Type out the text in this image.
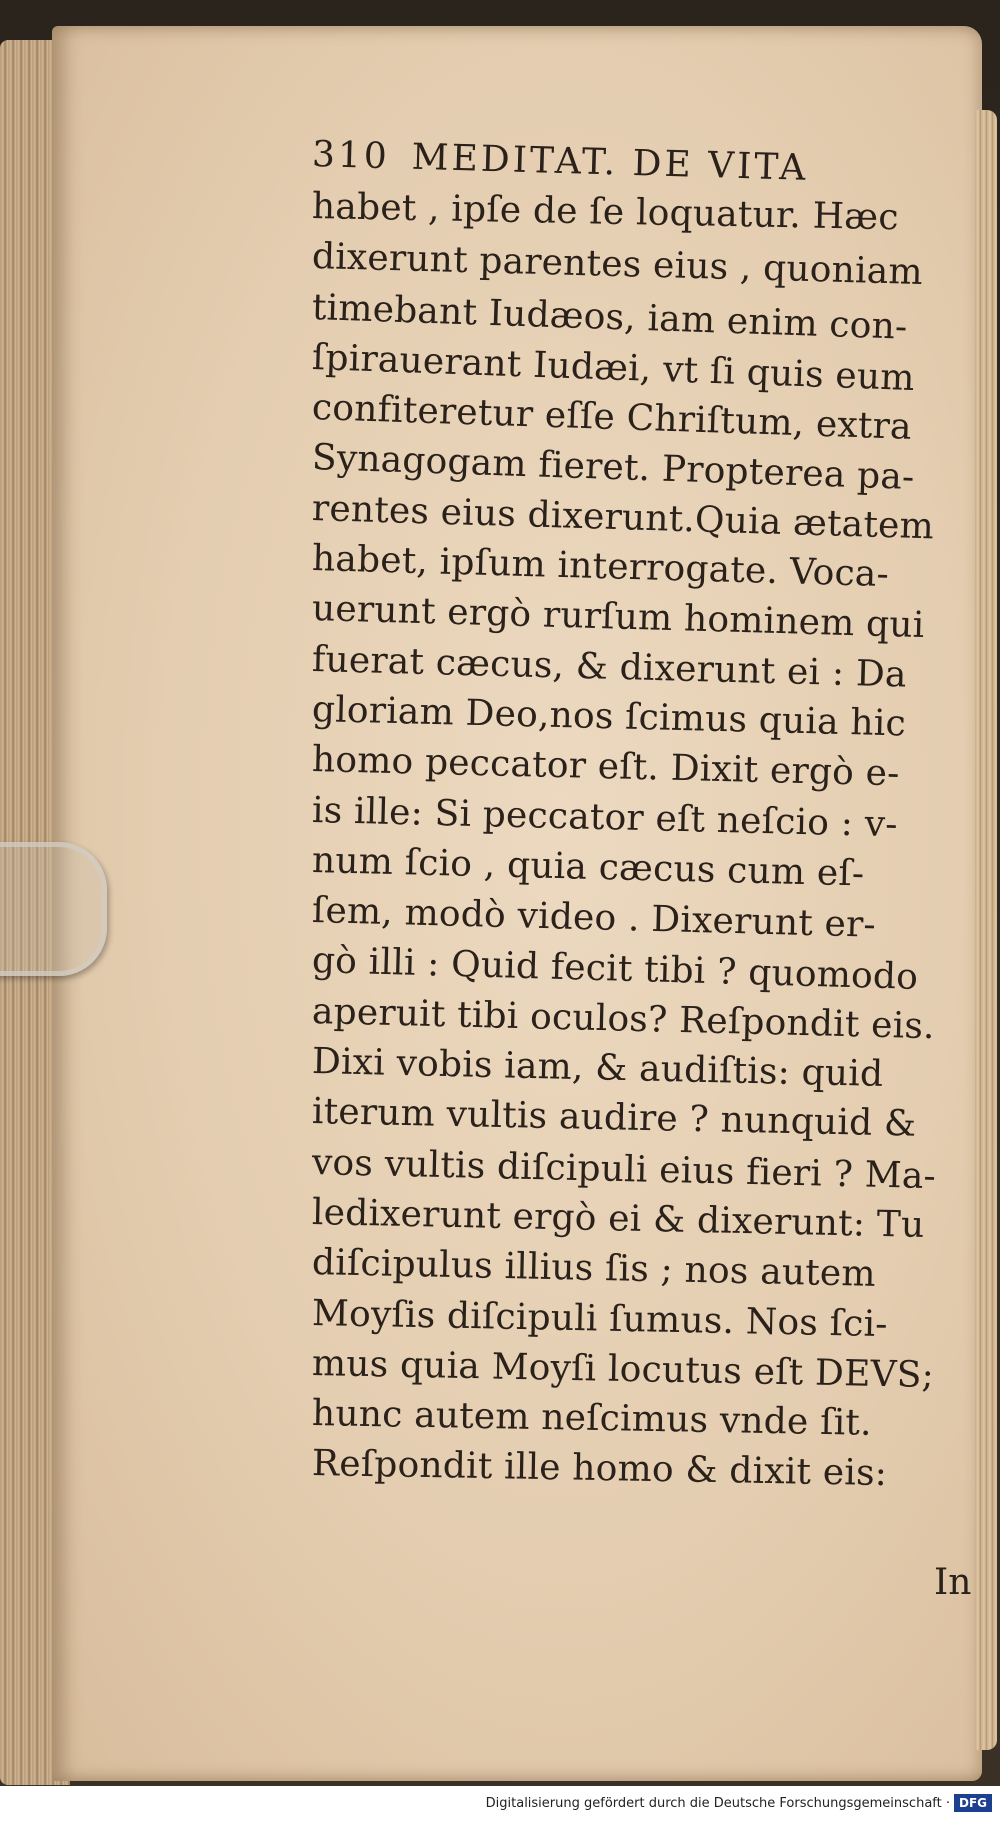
310 MEDITAT. DE VITA
habet , ipſe de ſe loquatur. Hæc
dixerunt parentes eius , quoniam
timebant Iudæos, iam enim con-
ſpirauerant Iudæi, vt ſi quis eum
confiteretur eſſe Chriſtum, extra
Synagogam fieret. Propterea pa-
rentes eius dixerunt.Quia ætatem
habet, ipſum interrogate. Voca-
uerunt ergò rurſum hominem qui
fuerat cæcus, & dixerunt ei : Da
gloriam Deo,nos ſcimus quia hic
homo peccator eſt. Dixit ergò e-
is ille: Si peccator eſt neſcio : v-
num ſcio , quia cæcus cum eſ-
ſem, modò video . Dixerunt er-
gò illi : Quid fecit tibi ? quomodo
aperuit tibi oculos? Reſpondit eis.
Dixi vobis iam, & audiſtis: quid
iterum vultis audire ? nunquid &
vos vultis diſcipuli eius fieri ? Ma-
ledixerunt ergò ei & dixerunt: Tu
diſcipulus illius ſis ; nos autem
Moyſis diſcipuli ſumus. Nos ſci-
mus quia Moyſi locutus eſt DEVS;
hunc autem neſcimus vnde ſit.
Reſpondit ille homo & dixit eis:
In
Digitalisierung gefördert durch die Deutsche Forschungsgemeinschaft · DFG
